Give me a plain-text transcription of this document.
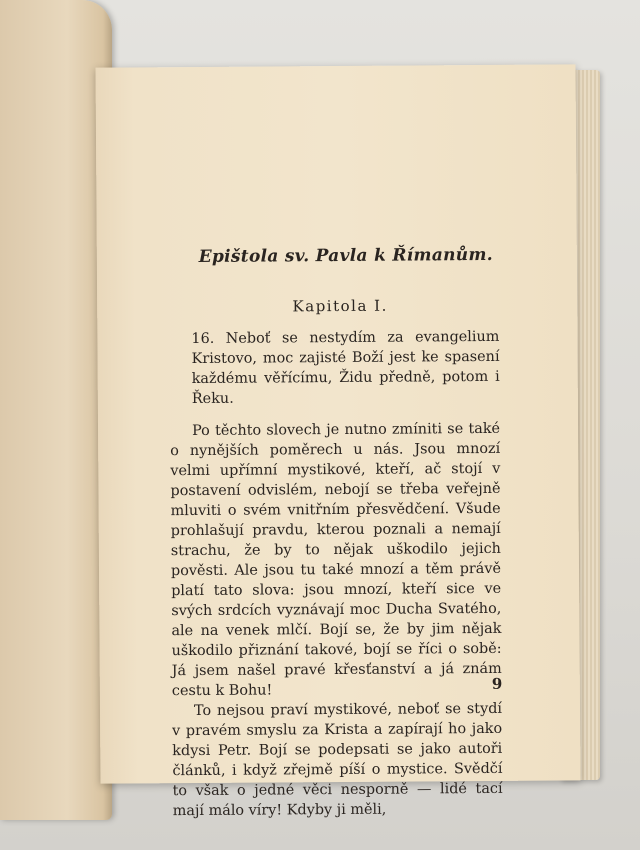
Epištola sv. Pavla k Římanům.

Kapitola I.

16. Neboť se nestydím za evangelium Kristovo, moc zajisté Boží jest ke spasení každému věřícímu, Židu předně, potom i Řeku.

Po těchto slovech je nutno zmíniti se také o nynějších poměrech u nás. Jsou mnozí velmi upřímní mystikové, kteří, ač stojí v postavení odvislém, nebojí se třeba veřejně mluviti o svém vnitřním přesvědčení. Všude prohlašují pravdu, kterou poznali a nemají strachu, že by to nějak uškodilo jejich pověsti. Ale jsou tu také mnozí a těm právě platí tato slova: jsou mnozí, kteří sice ve svých srdcích vyznávají moc Ducha Svatého, ale na venek mlčí. Bojí se, že by jim nějak uškodilo přiznání takové, bojí se říci o sobě: Já jsem našel pravé křesťanství a já znám cestu k Bohu!

To nejsou praví mystikové, neboť se stydí v pravém smyslu za Krista a zapírají ho jako kdysi Petr. Bojí se podepsati se jako autoři článků, i když zřejmě píší o mystice. Svědčí to však o jedné věci nesporně — lidé tací mají málo víry! Kdyby ji měli,

9
